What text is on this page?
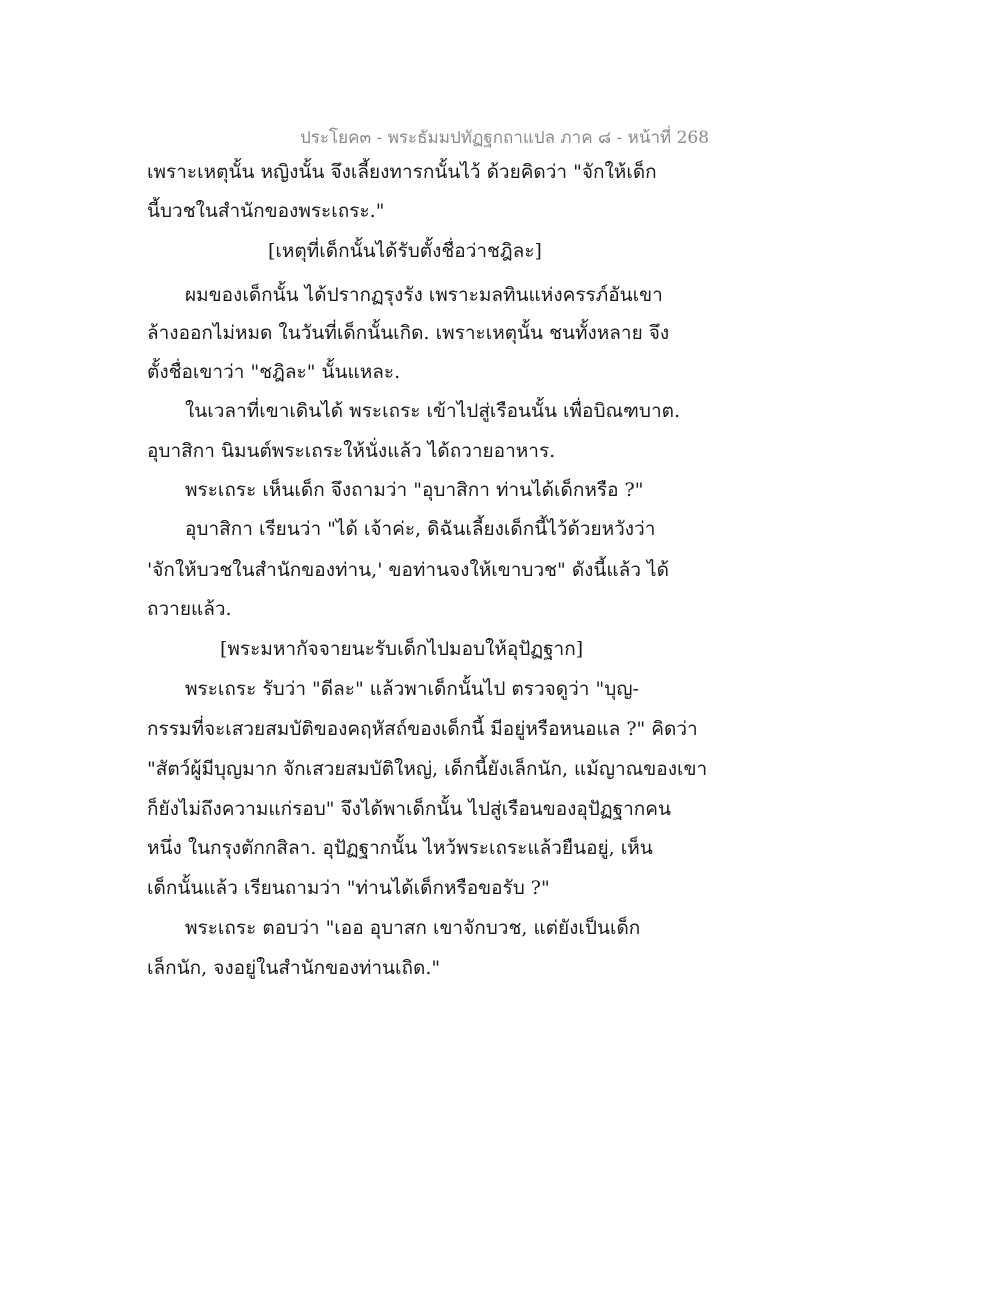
ประโยค๓ - พระธัมมปทัฏฐกถาแปล ภาค ๘ - หน้าที่ 268
เพราะเหตุนั้น หญิงนั้น จึงเลี้ยงทารกนั้นไว้ ด้วยคิดว่า "จักให้เด็ก
นี้บวชในสำนักของพระเถระ."
[เหตุที่เด็กนั้นได้รับตั้งชื่อว่าชฎิละ]
ผมของเด็กนั้น ได้ปรากฏรุงรัง เพราะมลทินแห่งครรภ์อันเขา
ล้างออกไม่หมด ในวันที่เด็กนั้นเกิด. เพราะเหตุนั้น ชนทั้งหลาย จึง
ตั้งชื่อเขาว่า "ชฎิละ" นั้นแหละ.
ในเวลาที่เขาเดินได้ พระเถระ เข้าไปสู่เรือนนั้น เพื่อบิณฑบาต.
อุบาสิกา นิมนต์พระเถระให้นั่งแล้ว ได้ถวายอาหาร.
พระเถระ เห็นเด็ก จึงถามว่า "อุบาสิกา ท่านได้เด็กหรือ ?"
อุบาสิกา เรียนว่า "ได้ เจ้าค่ะ, ดิฉันเลี้ยงเด็กนี้ไว้ด้วยหวังว่า
'จักให้บวชในสำนักของท่าน,' ขอท่านจงให้เขาบวช" ดังนี้แล้ว ได้
ถวายแล้ว.
[พระมหากัจจายนะรับเด็กไปมอบให้อุปัฏฐาก]
พระเถระ รับว่า "ดีละ" แล้วพาเด็กนั้นไป ตรวจดูว่า "บุญ-
กรรมที่จะเสวยสมบัติของคฤหัสถ์ของเด็กนี้ มีอยู่หรือหนอแล ?" คิดว่า
"สัตว์ผู้มีบุญมาก จักเสวยสมบัติใหญ่, เด็กนี้ยังเล็กนัก, แม้ญาณของเขา
ก็ยังไม่ถึงความแก่รอบ" จึงได้พาเด็กนั้น ไปสู่เรือนของอุปัฏฐากคน
หนึ่ง ในกรุงตักกสิลา. อุปัฏฐากนั้น ไหว้พระเถระแล้วยืนอยู่, เห็น
เด็กนั้นแล้ว เรียนถามว่า "ท่านได้เด็กหรือขอรับ ?"
พระเถระ ตอบว่า "เออ อุบาสก เขาจักบวช, แต่ยังเป็นเด็ก
เล็กนัก, จงอยู่ในสำนักของท่านเถิด."
